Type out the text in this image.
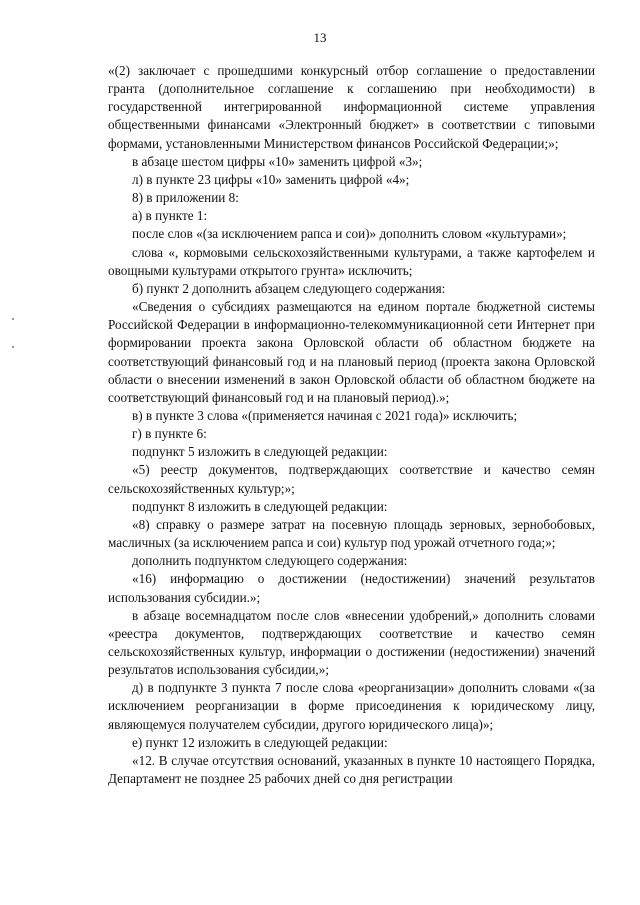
13

«(2) заключает с прошедшими конкурсный отбор соглашение о предоставлении гранта (дополнительное соглашение к соглашению при необходимости) в государственной интегрированной информационной системе управления общественными финансами «Электронный бюджет» в соответствии с типовыми формами, установленными Министерством финансов Российской Федерации;»;

в абзаце шестом цифры «10» заменить цифрой «3»;

л) в пункте 23 цифры «10» заменить цифрой «4»;

8) в приложении 8:

а) в пункте 1:

после слов «(за исключением рапса и сои)» дополнить словом «культурами»;

слова «, кормовыми сельскохозяйственными культурами, а также картофелем и овощными культурами открытого грунта» исключить;

б) пункт 2 дополнить абзацем следующего содержания:

«Сведения о субсидиях размещаются на едином портале бюджетной системы Российской Федерации в информационно-телекоммуникационной сети Интернет при формировании проекта закона Орловской области об областном бюджете на соответствующий финансовый год и на плановый период (проекта закона Орловской области о внесении изменений в закон Орловской области об областном бюджете на соответствующий финансовый год и на плановый период).»;

в) в пункте 3 слова «(применяется начиная с 2021 года)» исключить;

г) в пункте 6:

подпункт 5 изложить в следующей редакции:

«5) реестр документов, подтверждающих соответствие и качество семян сельскохозяйственных культур;»;

подпункт 8 изложить в следующей редакции:

«8) справку о размере затрат на посевную площадь зерновых, зернобобовых, масличных (за исключением рапса и сои) культур под урожай отчетного года;»;

дополнить подпунктом следующего содержания:

«16) информацию о достижении (недостижении) значений результатов использования субсидии.»;

в абзаце восемнадцатом после слов «внесении удобрений,» дополнить словами «реестра документов, подтверждающих соответствие и качество семян сельскохозяйственных культур, информации о достижении (недостижении) значений результатов использования субсидии,»;

д) в подпункте 3 пункта 7 после слова «реорганизации» дополнить словами «(за исключением реорганизации в форме присоединения к юридическому лицу, являющемуся получателем субсидии, другого юридического лица)»;

е) пункт 12 изложить в следующей редакции:

«12. В случае отсутствия оснований, указанных в пункте 10 настоящего Порядка, Департамент не позднее 25 рабочих дней со дня регистрации
